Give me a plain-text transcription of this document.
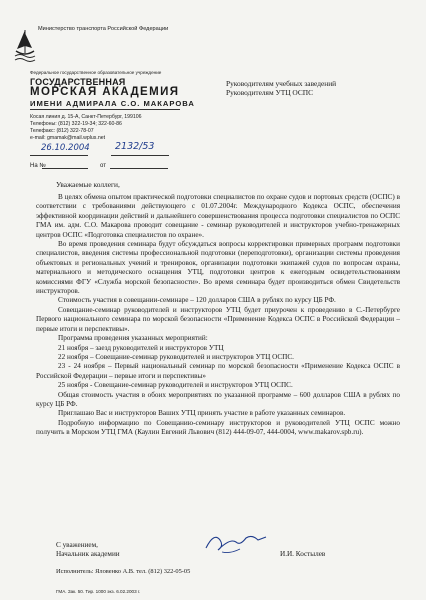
Министерство транспорта Российской Федерации
Федеральное государственное образовательное учреждение
ГОСУДАРСТВЕННАЯ
МОРСКАЯ АКАДЕМИЯ
ИМЕНИ АДМИРАЛА С.О. МАКАРОВА
Косая линия д. 15-А, Санкт-Петербург, 199106
Телефоны: (812) 322-19-34; 322-60-86
Телефакс: (812) 322-78-07
e-mail: gmamak@mail.wplus.net
Руководителям учебных заведений
Руководителям УТЦ ОСПС
26.10.2004	2132/53
На №	от
Уважаемые коллеги,

В целях обмена опытом практической подготовки специалистов по охране судов и портовых средств (ОСПС) в соответствии с требованиями действующего с 01.07.2004г. Международного Кодекса ОСПС, обеспечения эффективной координации действий и дальнейшего совершенствования процесса подготовки специалистов по ОСПС ГМА им. адм. С.О. Макарова проводит совещание - семинар руководителей и инструкторов учебно-тренажерных центров ОСПС «Подготовка специалистов по охране».

Во время проведения семинара будут обсуждаться вопросы корректировки примерных программ подготовки специалистов, введения системы профессиональной подготовки (переподготовки), организации системы проведения объектовых и региональных учений и тренировок, организации подготовки экипажей судов по вопросам охраны, материального и методического оснащения УТЦ, подготовки центров к ежегодным освидетельствованиям комиссиями ФГУ «Служба морской безопасности». Во время семинара будет производиться обмен Свидетельств инструкторов.

Стоимость участия в совещании-семинаре – 120 долларов США в рублях по курсу ЦБ РФ.

Совещание-семинар руководителей и инструкторов УТЦ будет приурочен к проведению в С.-Петербурге Первого национального семинара по морской безопасности «Применение Кодекса ОСПС в Российской Федерации – первые итоги и перспективы».

Программа проведения указанных мероприятий:

21 ноября – заезд руководителей и инструкторов УТЦ

22 ноября – Совещание-семинар руководителей и инструкторов УТЦ ОСПС.

23 - 24 ноября – Первый национальный семинар по морской безопасности «Применение Кодекса ОСПС в Российской Федерации – первые итоги и перспективы»

25 ноября - Совещание-семинар руководителей и инструкторов УТЦ ОСПС.

Общая стоимость участия в обоих мероприятиях по указанной программе – 600 долларов США в рублях по курсу ЦБ РФ.

Приглашаю Вас и инструкторов Ваших УТЦ принять участие в работе указанных семинаров.

Подробную информацию по Совещанию-семинару инструкторов и руководителей УТЦ ОСПС можно получить в Морском УТЦ ГМА (Каулин Евгений Львович (812) 444-09-07, 444-0004, www.makarov.spb.ru).

С уважением,
Начальник академии	И.И. Костылев
Исполнитель: Яловенко А.В. тел. (812) 322-05-05
ГМА. Зак. 50. Тир. 1000 экз. 6.02.2003 г.
